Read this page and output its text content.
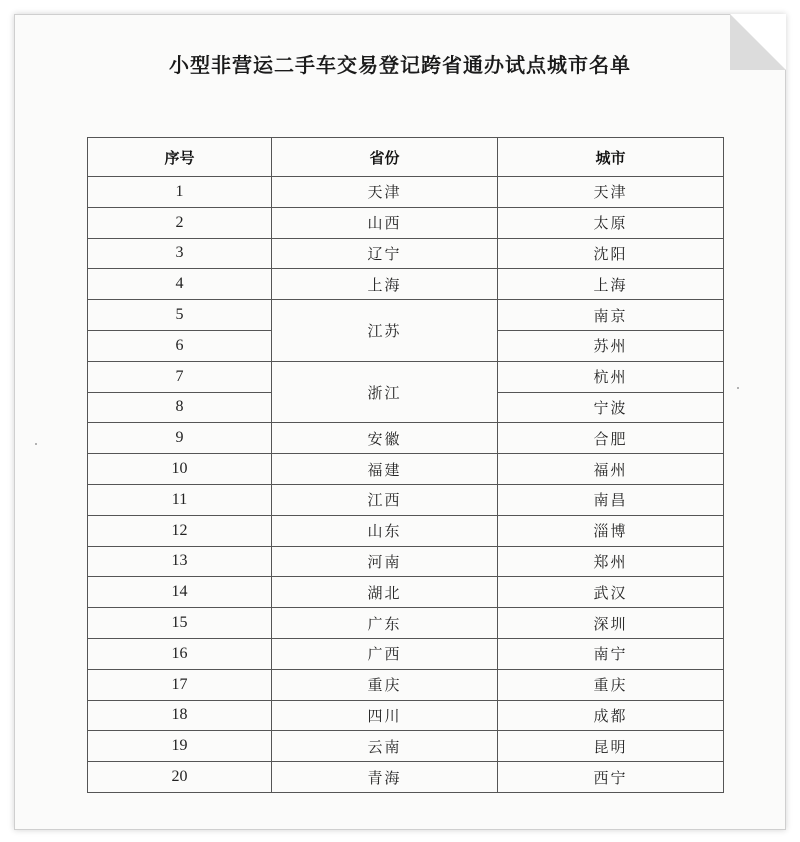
小型非营运二手车交易登记跨省通办试点城市名单
序号	省份	城市
1	天津	天津
2	山西	太原
3	辽宁	沈阳
4	上海	上海
5	江苏	南京
6		苏州
7	浙江	杭州
8		宁波
9	安徽	合肥
10	福建	福州
11	江西	南昌
12	山东	淄博
13	河南	郑州
14	湖北	武汉
15	广东	深圳
16	广西	南宁
17	重庆	重庆
18	四川	成都
19	云南	昆明
20	青海	西宁
